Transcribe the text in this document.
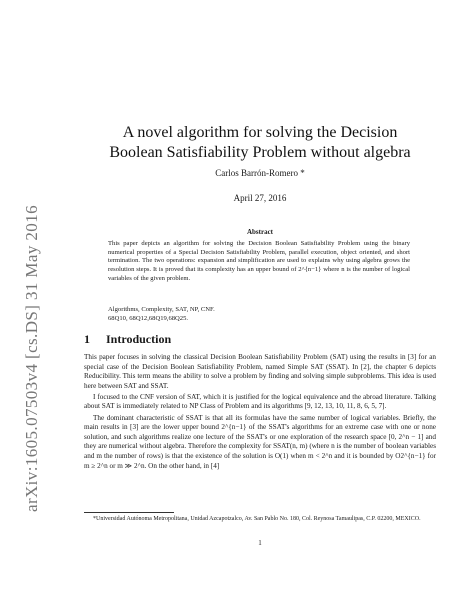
arXiv:1605.07503v4 [cs.DS] 31 May 2016
A novel algorithm for solving the Decision
Boolean Satisfiability Problem without algebra
Carlos Barrón-Romero *
April 27, 2016
Abstract

This paper depicts an algorithm for solving the Decision Boolean Satisfiability Problem using the binary numerical properties of a Special Decision Satisfiability Problem, parallel execution, object oriented, and short termination. The two operations: expansion and simplification are used to explains why using algebra grows the resolution steps. It is proved that its complexity has an upper bound of 2^{n−1} where n is the number of logical variables of the given problem.

Algorithms, Complexity, SAT, NP, CNF.
68Q10, 68Q12,68Q19,68Q25.
1 Introduction

This paper focuses in solving the classical Decision Boolean Satisfiability Problem (SAT) using the results in [3] for an special case of the Decision Boolean Satisfiability Problem, named Simple SAT (SSAT). In [2], the chapter 6 depicts Reducibility. This term means the ability to solve a problem by finding and solving simple subproblems. This idea is used here between SAT and SSAT.

I focused to the CNF version of SAT, which it is justified for the logical equivalence and the abroad literature. Talking about SAT is immediately related to NP Class of Problem and its algorithms [9, 12, 13, 10, 11, 8, 6, 5, 7].

The dominant characteristic of SSAT is that all its formulas have the same number of logical variables. Briefly, the main results in [3] are the lower upper bound 2^{n−1} of the SSAT's algorithms for an extreme case with one or none solution, and such algorithms realize one lecture of the SSAT's or one exploration of the research space [0, 2^n − 1] and they are numerical without algebra. Therefore the complexity for SSAT(n, m) (where n is the number of boolean variables and m the number of rows) is that the existence of the solution is O(1) when m < 2^n and it is bounded by O2^{n−1} for m ≥ 2^n or m ≫ 2^n. On the other hand, in [4]

*Universidad Autónoma Metropolitana, Unidad Azcapotzalco, Av. San Pablo No. 180, Col. Reynosa Tamaulipas, C.P. 02200, MEXICO.
1
